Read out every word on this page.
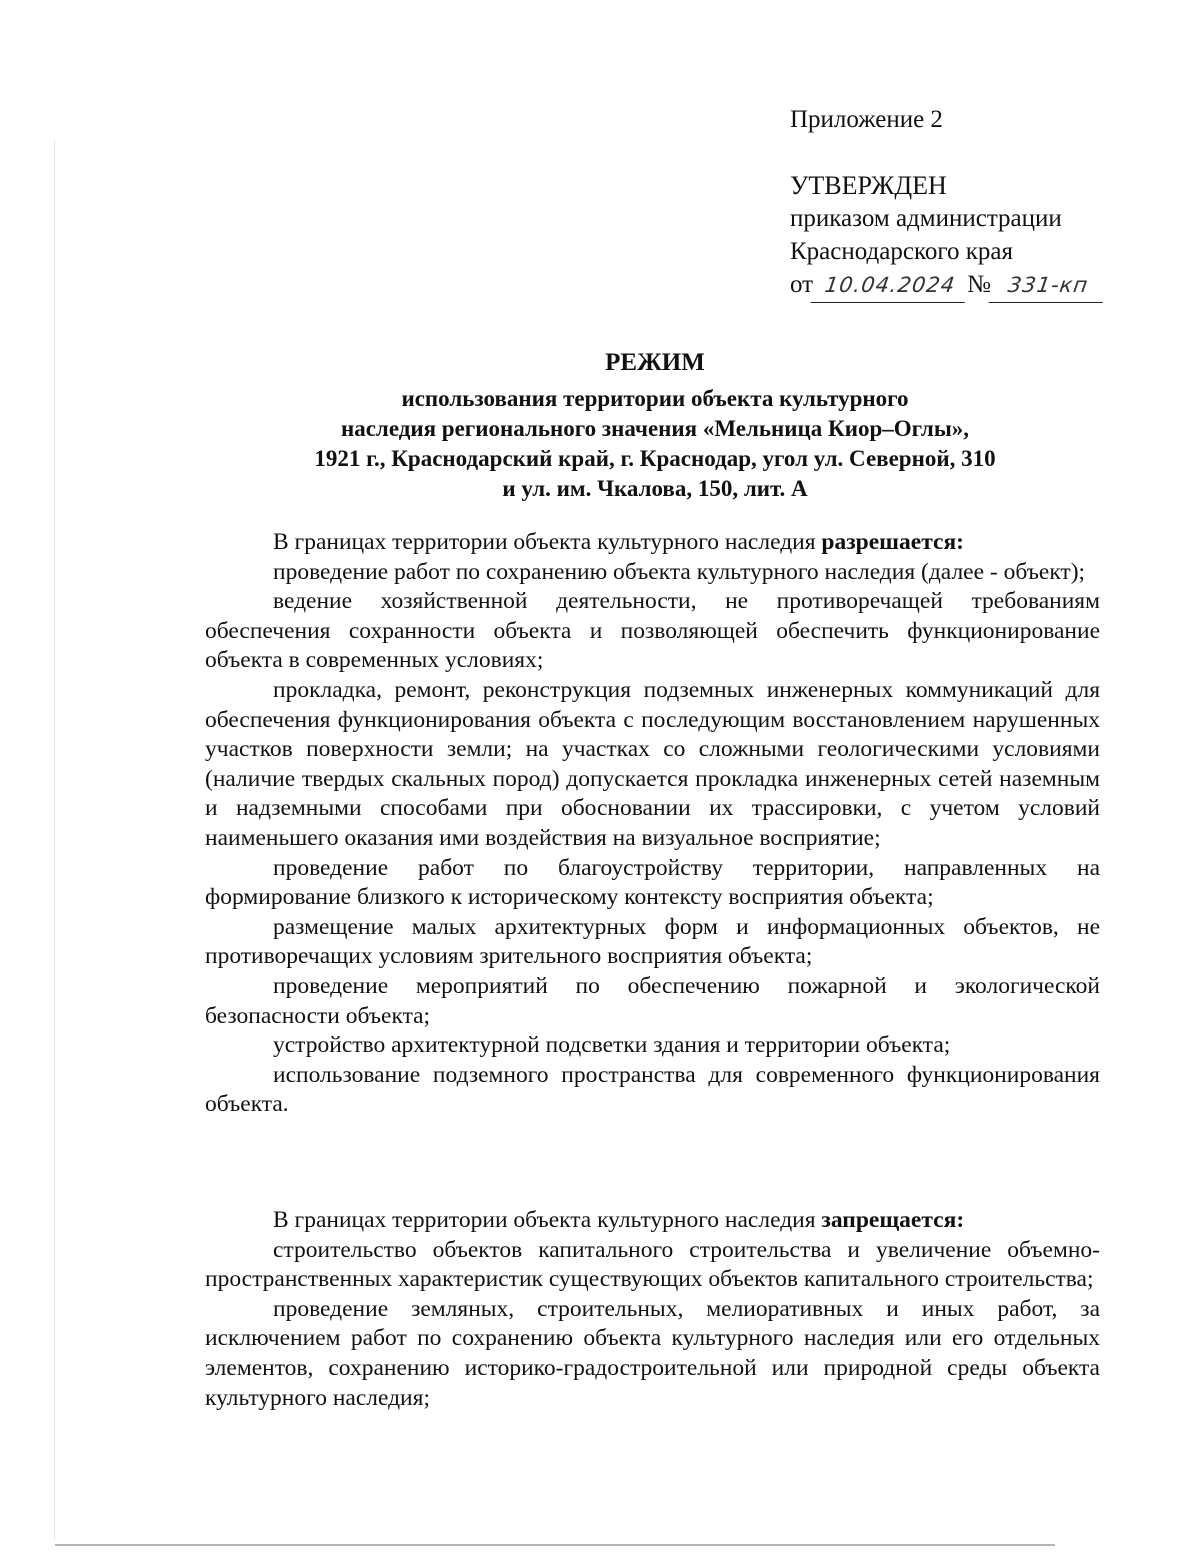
Приложение 2
УТВЕРЖДЕН
приказом администрации
Краснодарского края
от 10.04.2024 № 331-кп
РЕЖИМ
использования территории объекта культурного
наследия регионального значения «Мельница Киор–Оглы»,
1921 г., Краснодарский край, г. Краснодар, угол ул. Северной, 310
и ул. им. Чкалова, 150, лит. А

В границах территории объекта культурного наследия разрешается:

проведение работ по сохранению объекта культурного наследия (далее - объект);

ведение хозяйственной деятельности, не противоречащей требованиям обеспечения сохранности объекта и позволяющей обеспечить функционирование объекта в современных условиях;

прокладка, ремонт, реконструкция подземных инженерных коммуникаций для обеспечения функционирования объекта с последующим восстановлением нарушенных участков поверхности земли; на участках со сложными геологическими условиями (наличие твердых скальных пород) допускается прокладка инженерных сетей наземным и надземными способами при обосновании их трассировки, с учетом условий наименьшего оказания ими воздействия на визуальное восприятие;

проведение работ по благоустройству территории, направленных на формирование близкого к историческому контексту восприятия объекта;

размещение малых архитектурных форм и информационных объектов, не противоречащих условиям зрительного восприятия объекта;

проведение мероприятий по обеспечению пожарной и экологической безопасности объекта;

устройство архитектурной подсветки здания и территории объекта;

использование подземного пространства для современного функционирования объекта.

В границах территории объекта культурного наследия запрещается:

строительство объектов капитального строительства и увеличение объемно-пространственных характеристик существующих объектов капитального строительства;

проведение земляных, строительных, мелиоративных и иных работ, за исключением работ по сохранению объекта культурного наследия или его отдельных элементов, сохранению историко-градостроительной или природной среды объекта культурного наследия;
